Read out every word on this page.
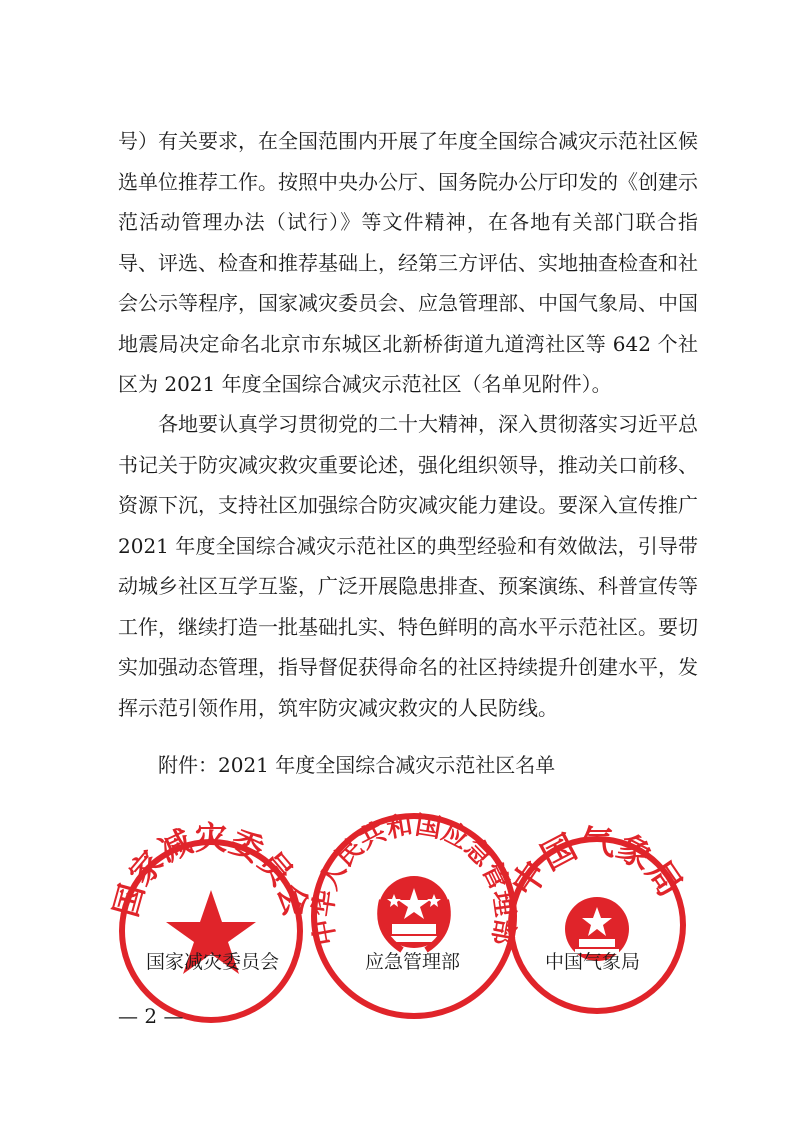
号）有关要求，在全国范围内开展了年度全国综合减灾示范社区候选单位推荐工作。按照中央办公厅、国务院办公厅印发的《创建示范活动管理办法（试行）》等文件精神，在各地有关部门联合指导、评选、检查和推荐基础上，经第三方评估、实地抽查检查和社会公示等程序，国家减灾委员会、应急管理部、中国气象局、中国地震局决定命名北京市东城区北新桥街道九道湾社区等 642 个社区为 2021 年度全国综合减灾示范社区（名单见附件）。

各地要认真学习贯彻党的二十大精神，深入贯彻落实习近平总书记关于防灾减灾救灾重要论述，强化组织领导，推动关口前移、资源下沉，支持社区加强综合防灾减灾能力建设。要深入宣传推广 2021 年度全国综合减灾示范社区的典型经验和有效做法，引导带动城乡社区互学互鉴，广泛开展隐患排查、预案演练、科普宣传等工作，继续打造一批基础扎实、特色鲜明的高水平示范社区。要切实加强动态管理，指导督促获得命名的社区持续提升创建水平，发挥示范引领作用，筑牢防灾减灾救灾的人民防线。

附件：2021 年度全国综合减灾示范社区名单

国家减灾委员会
中华人民共和国应急管理部
中国气象局
国家减灾委员会	应急管理部	中国气象局
— 2 —
